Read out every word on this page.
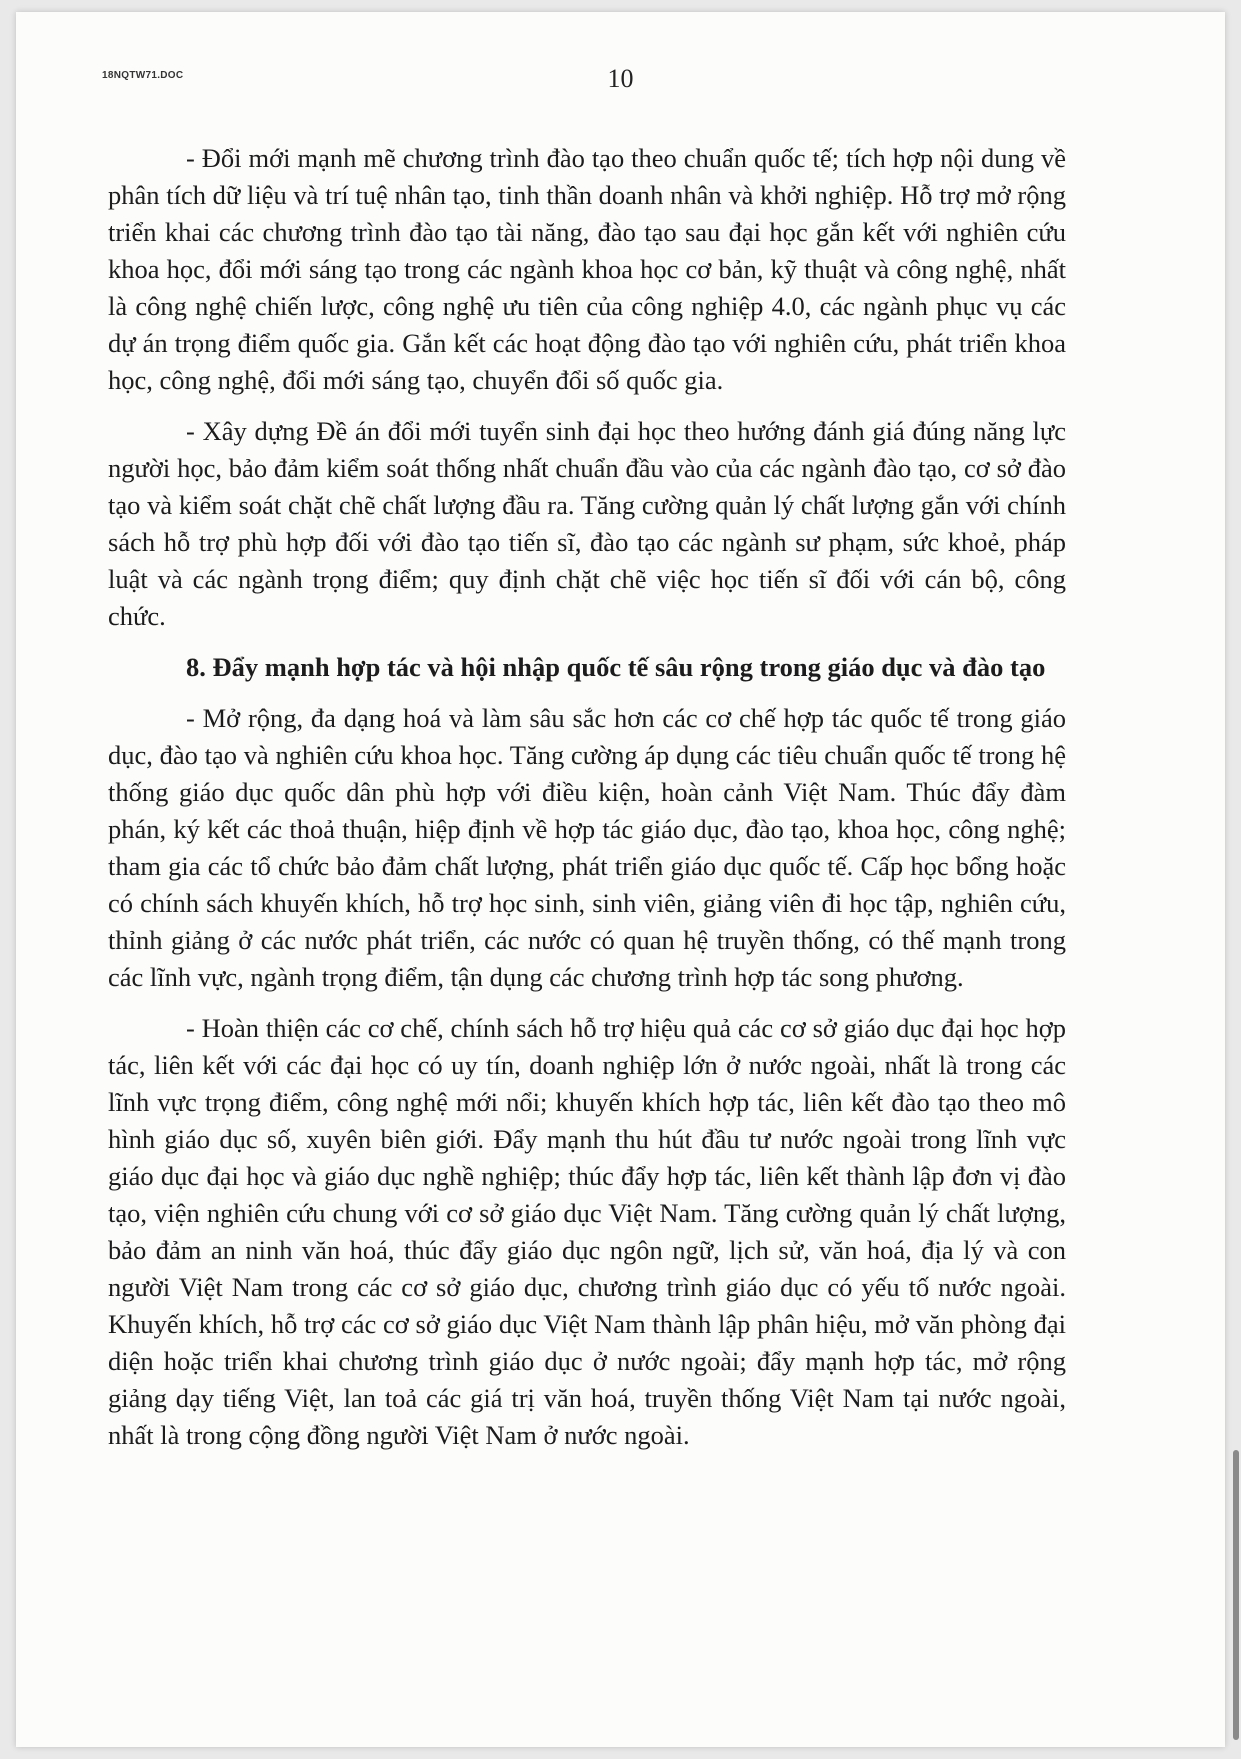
18NQTW71.DOC	10

- Đổi mới mạnh mẽ chương trình đào tạo theo chuẩn quốc tế; tích hợp nội dung về phân tích dữ liệu và trí tuệ nhân tạo, tinh thần doanh nhân và khởi nghiệp. Hỗ trợ mở rộng triển khai các chương trình đào tạo tài năng, đào tạo sau đại học gắn kết với nghiên cứu khoa học, đổi mới sáng tạo trong các ngành khoa học cơ bản, kỹ thuật và công nghệ, nhất là công nghệ chiến lược, công nghệ ưu tiên của công nghiệp 4.0, các ngành phục vụ các dự án trọng điểm quốc gia. Gắn kết các hoạt động đào tạo với nghiên cứu, phát triển khoa học, công nghệ, đổi mới sáng tạo, chuyển đổi số quốc gia.

- Xây dựng Đề án đổi mới tuyển sinh đại học theo hướng đánh giá đúng năng lực người học, bảo đảm kiểm soát thống nhất chuẩn đầu vào của các ngành đào tạo, cơ sở đào tạo và kiểm soát chặt chẽ chất lượng đầu ra. Tăng cường quản lý chất lượng gắn với chính sách hỗ trợ phù hợp đối với đào tạo tiến sĩ, đào tạo các ngành sư phạm, sức khoẻ, pháp luật và các ngành trọng điểm; quy định chặt chẽ việc học tiến sĩ đối với cán bộ, công chức.

8. Đẩy mạnh hợp tác và hội nhập quốc tế sâu rộng trong giáo dục và đào tạo

- Mở rộng, đa dạng hoá và làm sâu sắc hơn các cơ chế hợp tác quốc tế trong giáo dục, đào tạo và nghiên cứu khoa học. Tăng cường áp dụng các tiêu chuẩn quốc tế trong hệ thống giáo dục quốc dân phù hợp với điều kiện, hoàn cảnh Việt Nam. Thúc đẩy đàm phán, ký kết các thoả thuận, hiệp định về hợp tác giáo dục, đào tạo, khoa học, công nghệ; tham gia các tổ chức bảo đảm chất lượng, phát triển giáo dục quốc tế. Cấp học bổng hoặc có chính sách khuyến khích, hỗ trợ học sinh, sinh viên, giảng viên đi học tập, nghiên cứu, thỉnh giảng ở các nước phát triển, các nước có quan hệ truyền thống, có thế mạnh trong các lĩnh vực, ngành trọng điểm, tận dụng các chương trình hợp tác song phương.

- Hoàn thiện các cơ chế, chính sách hỗ trợ hiệu quả các cơ sở giáo dục đại học hợp tác, liên kết với các đại học có uy tín, doanh nghiệp lớn ở nước ngoài, nhất là trong các lĩnh vực trọng điểm, công nghệ mới nổi; khuyến khích hợp tác, liên kết đào tạo theo mô hình giáo dục số, xuyên biên giới. Đẩy mạnh thu hút đầu tư nước ngoài trong lĩnh vực giáo dục đại học và giáo dục nghề nghiệp; thúc đẩy hợp tác, liên kết thành lập đơn vị đào tạo, viện nghiên cứu chung với cơ sở giáo dục Việt Nam. Tăng cường quản lý chất lượng, bảo đảm an ninh văn hoá, thúc đẩy giáo dục ngôn ngữ, lịch sử, văn hoá, địa lý và con người Việt Nam trong các cơ sở giáo dục, chương trình giáo dục có yếu tố nước ngoài. Khuyến khích, hỗ trợ các cơ sở giáo dục Việt Nam thành lập phân hiệu, mở văn phòng đại diện hoặc triển khai chương trình giáo dục ở nước ngoài; đẩy mạnh hợp tác, mở rộng giảng dạy tiếng Việt, lan toả các giá trị văn hoá, truyền thống Việt Nam tại nước ngoài, nhất là trong cộng đồng người Việt Nam ở nước ngoài.
